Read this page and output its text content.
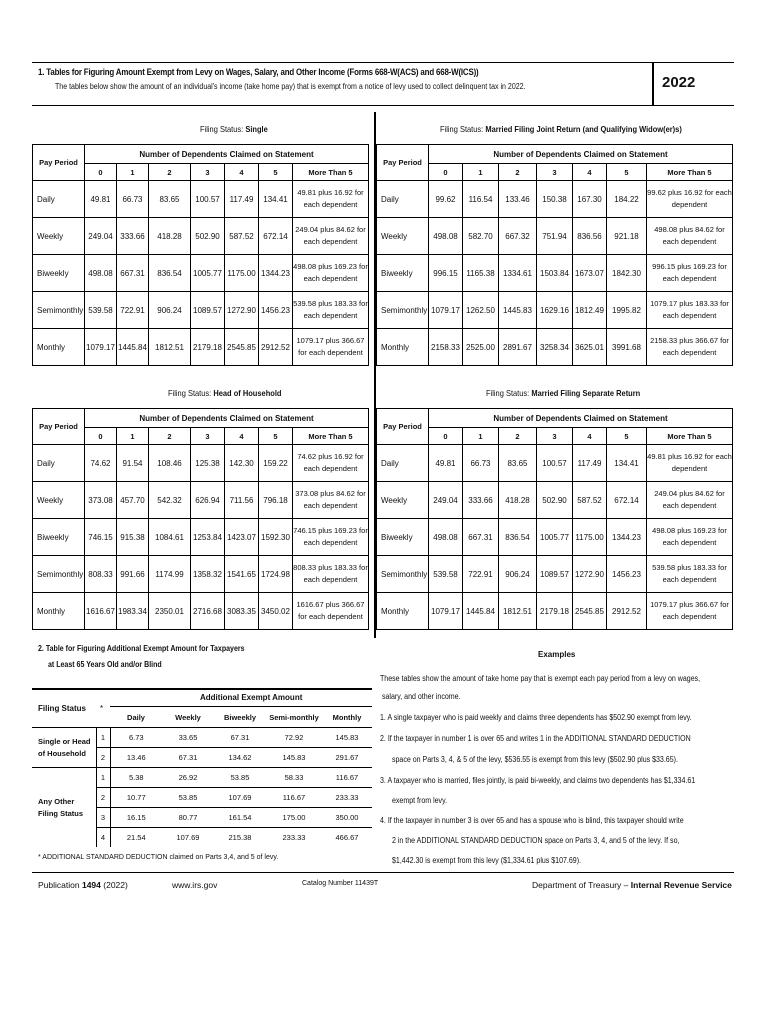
1. Tables for Figuring Amount Exempt from Levy on Wages, Salary, and Other Income (Forms 668-W(ACS) and 668-W(ICS))
The tables below show the amount of an individual's income (take home pay) that is exempt from a notice of levy used to collect delinquent tax in 2022.	2022
Filing Status: Single	Filing Status: Married Filing Joint Return (and Qualifying Widow(er)s)
Filing Status: Head of Household	Filing Status: Married Filing Separate Return
Pay Period	Number of Dependents Claimed on Statement						
	0	1	2	3	4	5	More Than 5
Daily	49.81	66.73	83.65	100.57	117.49	134.41	49.81 plus 16.92 for each dependent
Weekly	249.04	333.66	418.28	502.90	587.52	672.14	249.04 plus 84.62 for each dependent
Biweekly	498.08	667.31	836.54	1005.77	1175.00	1344.23	498.08 plus 169.23 for each dependent
Semimonthly	539.58	722.91	906.24	1089.57	1272.90	1456.23	539.58 plus 183.33 for each dependent
Monthly	1079.17	1445.84	1812.51	2179.18	2545.85	2912.52	1079.17 plus 366.67 for each dependent
Pay Period	Number of Dependents Claimed on Statement						
	0	1	2	3	4	5	More Than 5
Daily	99.62	116.54	133.46	150.38	167.30	184.22	99.62 plus 16.92 for each dependent
Weekly	498.08	582.70	667.32	751.94	836.56	921.18	498.08 plus 84.62 for each dependent
Biweekly	996.15	1165.38	1334.61	1503.84	1673.07	1842.30	996.15 plus 169.23 for each dependent
Semimonthly	1079.17	1262.50	1445.83	1629.16	1812.49	1995.82	1079.17 plus 183.33 for each dependent
Monthly	2158.33	2525.00	2891.67	3258.34	3625.01	3991.68	2158.33 plus 366.67 for each dependent
Pay Period	Number of Dependents Claimed on Statement						
	0	1	2	3	4	5	More Than 5
Daily	74.62	91.54	108.46	125.38	142.30	159.22	74.62 plus 16.92 for each dependent
Weekly	373.08	457.70	542.32	626.94	711.56	796.18	373.08 plus 84.62 for each dependent
Biweekly	746.15	915.38	1084.61	1253.84	1423.07	1592.30	746.15 plus 169.23 for each dependent
Semimonthly	808.33	991.66	1174.99	1358.32	1541.65	1724.98	808.33 plus 183.33 for each dependent
Monthly	1616.67	1983.34	2350.01	2716.68	3083.35	3450.02	1616.67 plus 366.67 for each dependent
Pay Period	Number of Dependents Claimed on Statement						
	0	1	2	3	4	5	More Than 5
Daily	49.81	66.73	83.65	100.57	117.49	134.41	49.81 plus 16.92 for each dependent
Weekly	249.04	333.66	418.28	502.90	587.52	672.14	249.04 plus 84.62 for each dependent
Biweekly	498.08	667.31	836.54	1005.77	1175.00	1344.23	498.08 plus 169.23 for each dependent
Semimonthly	539.58	722.91	906.24	1089.57	1272.90	1456.23	539.58 plus 183.33 for each dependent
Monthly	1079.17	1445.84	1812.51	2179.18	2545.85	2912.52	1079.17 plus 366.67 for each dependent
2. Table for Figuring Additional Exempt Amount for Taxpayers
at Least 65 Years Old and/or Blind
Filing Status *
Additional Exempt Amount
		Daily	Weekly	Biweekly	Semi-monthly	Monthly
Single or Head of Household	1	6.73	33.65	67.31	72.92	145.83
	2	13.46	67.31	134.62	145.83	291.67
Any Other Filing Status	1	5.38	26.92	53.85	58.33	116.67
	2	10.77	53.85	107.69	116.67	233.33
	3	16.15	80.77	161.54	175.00	350.00
	4	21.54	107.69	215.38	233.33	466.67
* ADDITIONAL STANDARD DEDUCTION claimed on Parts 3,4, and 5 of levy.
Examples
These tables show the amount of take home pay that is exempt each pay period from a levy on wages,
salary, and other income.
1. A single taxpayer who is paid weekly and claims three dependents has $502.90 exempt from levy.
2. If the taxpayer in number 1 is over 65 and writes 1 in the ADDITIONAL STANDARD DEDUCTION
space on Parts 3, 4, & 5 of the levy, $536.55 is exempt from this levy ($502.90 plus $33.65).
3. A taxpayer who is married, files jointly, is paid bi-weekly, and claims two dependents has $1,334.61
exempt from levy.
4. If the taxpayer in number 3 is over 65 and has a spouse who is blind, this taxpayer should write
2 in the ADDITIONAL STANDARD DEDUCTION space on Parts 3, 4, and 5 of the levy. If so,
$1,442.30 is exempt from this levy ($1,334.61 plus $107.69).
Publication 1494 (2022)	www.irs.gov	Catalog Number 11439T	Department of Treasury – Internal Revenue Service
